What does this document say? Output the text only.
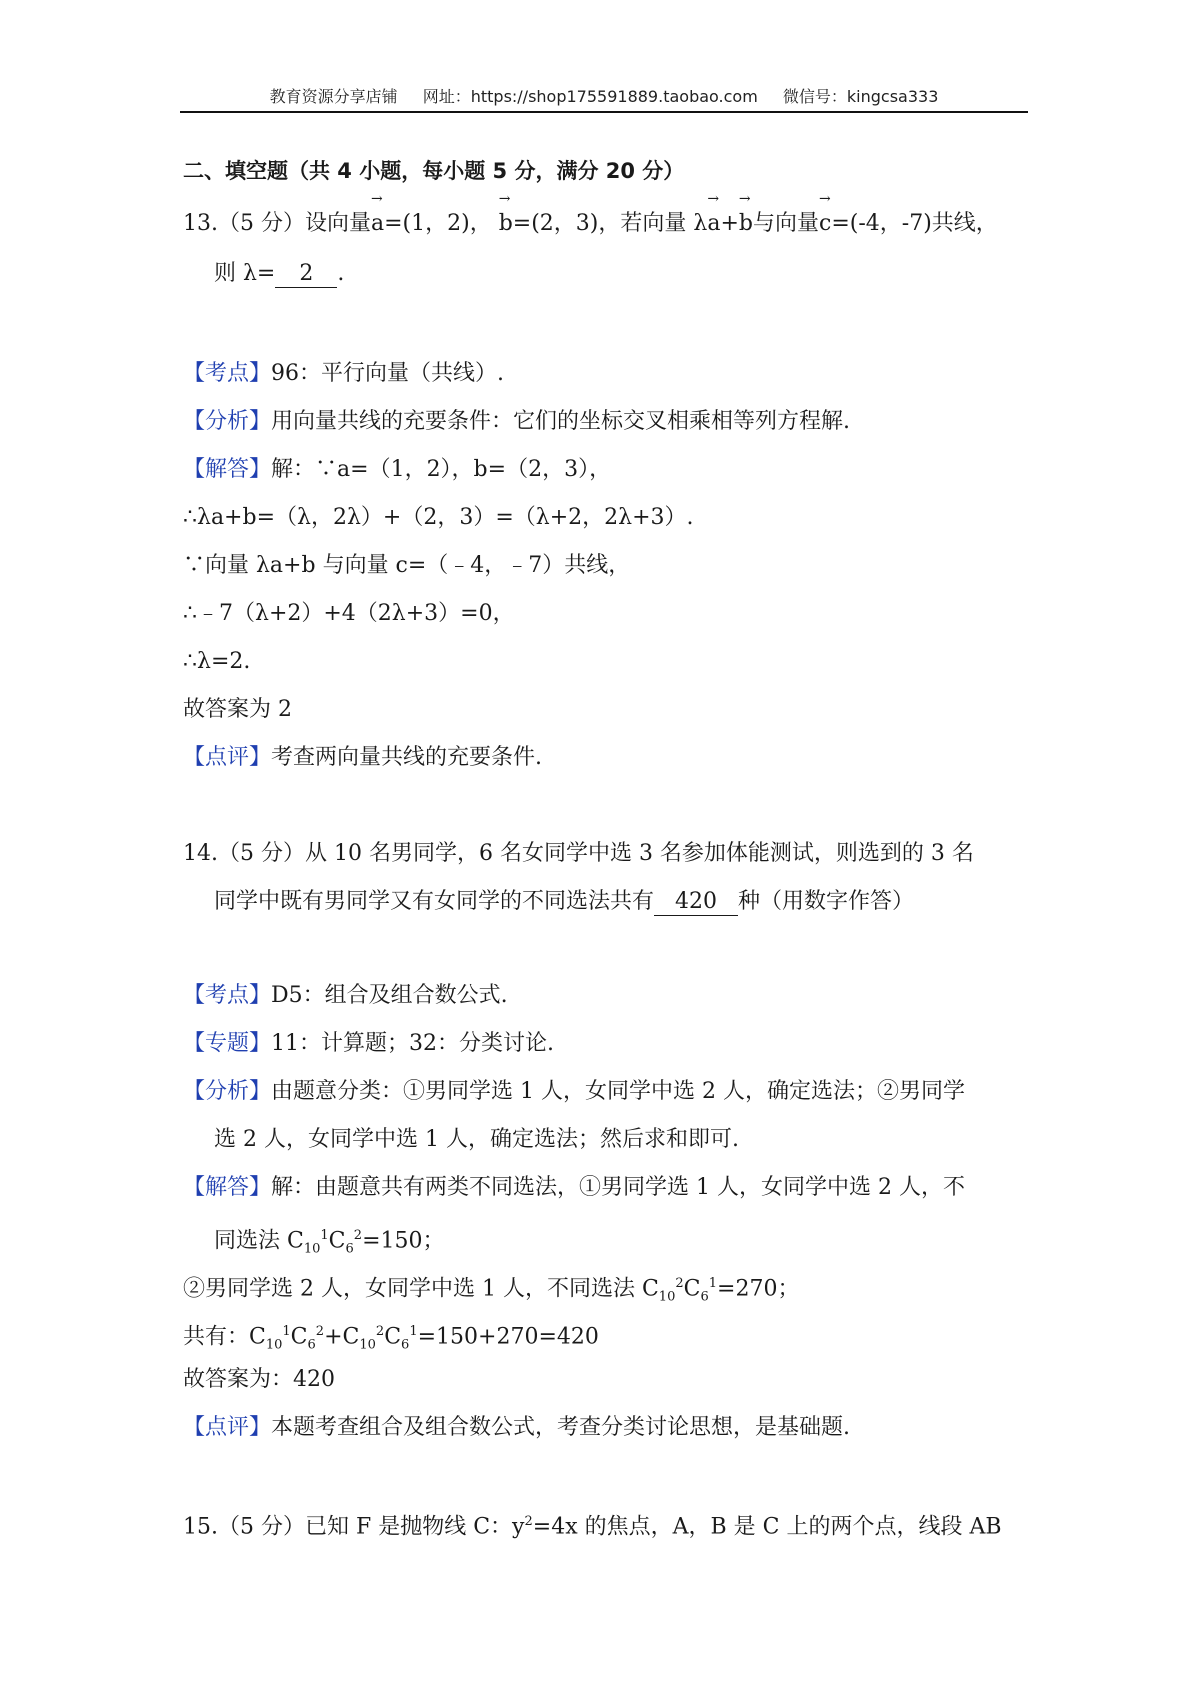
教育资源分享店铺 网址：https://shop175591889.taobao.com 微信号：kingcsa333
二、填空题（共 4 小题，每小题 5 分，满分 20 分）
13.（5 分）设向量→ a=(1，2)， → b=(2，3)，若向量 λ→ a+→ b与向量→ c=(-4，-7)共线，
则 λ= 2 .
【考点】96：平行向量（共线）.
【分析】用向量共线的充要条件：它们的坐标交叉相乘相等列方程解.
【解答】解：∵a=（1，2），b=（2，3），
∴λa+b=（λ，2λ）+（2，3）=（λ+2，2λ+3）.
∵向量 λa+b 与向量 c=（﹣4，﹣7）共线，
∴﹣7（λ+2）+4（2λ+3）=0，
∴λ=2.
故答案为 2
【点评】考查两向量共线的充要条件.
14.（5 分）从 10 名男同学，6 名女同学中选 3 名参加体能测试，则选到的 3 名
同学中既有男同学又有女同学的不同选法共有 420 种（用数字作答）
【考点】D5：组合及组合数公式.
【专题】11：计算题；32：分类讨论.
【分析】由题意分类：①男同学选 1 人，女同学中选 2 人，确定选法；②男同学
选 2 人，女同学中选 1 人，确定选法；然后求和即可.
【解答】解：由题意共有两类不同选法，①男同学选 1 人，女同学中选 2 人，不
同选法 $C_{10}^1C_6^2=150$；
②男同学选 2 人，女同学中选 1 人，不同选法 $C_{10}^2C_6^1=270$；
共有：$C_{10}^1C_6^2+C_{10}^2C_6^1=150+270=420$
故答案为：420
【点评】本题考查组合及组合数公式，考查分类讨论思想，是基础题.
15.（5 分）已知 F 是抛物线 C：$y^2=4x$ 的焦点，A，B 是 C 上的两个点，线段 AB
